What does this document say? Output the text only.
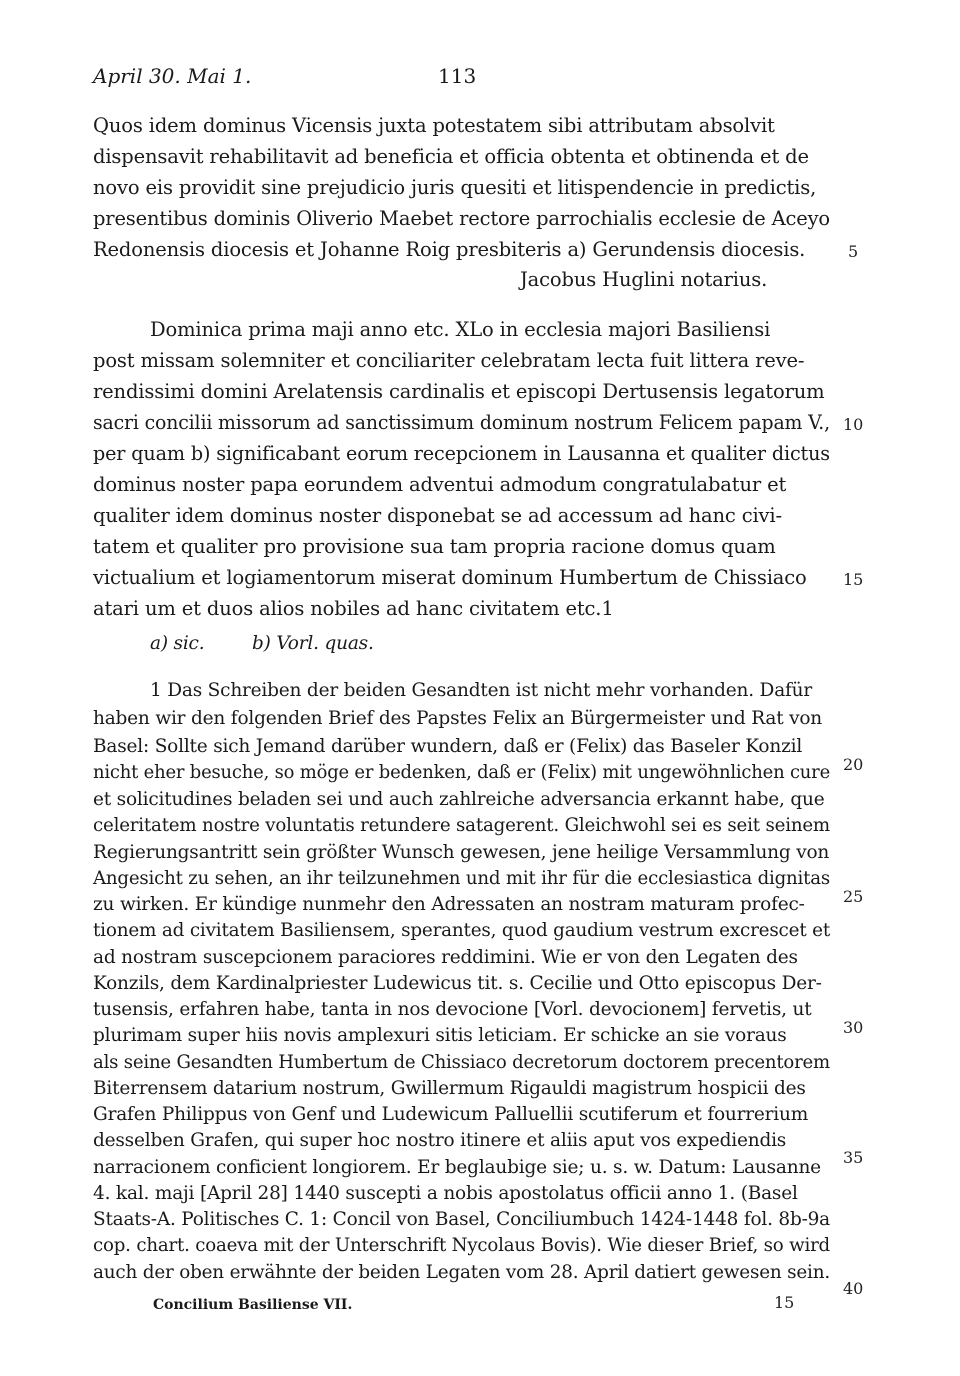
April 30. Mai 1.	113
Quos idem dominus Vicensis juxta potestatem sibi attributam absolvit
dispensavit rehabilitavit ad beneficia et officia obtenta et obtinenda et de
novo eis providit sine prejudicio juris quesiti et litispendencie in predictis,
presentibus dominis Oliverio Maebet rectore parrochialis ecclesie de Aceyo
Redonensis diocesis et Johanne Roig presbiteris a) Gerundensis diocesis.
Jacobus Huglini notarius.
Dominica prima maji anno etc. XLo in ecclesia majori Basiliensi
post missam solemniter et conciliariter celebratam lecta fuit littera reve-
rendissimi domini Arelatensis cardinalis et episcopi Dertusensis legatorum
sacri concilii missorum ad sanctissimum dominum nostrum Felicem papam V.,
per quam b) significabant eorum recepcionem in Lausanna et qualiter dictus
dominus noster papa eorundem adventui admodum congratulabatur et
qualiter idem dominus noster disponebat se ad accessum ad hanc civi-
tatem et qualiter pro provisione sua tam propria racione domus quam
victualium et logiamentorum miserat dominum Humbertum de Chissiaco
atari um et duos alios nobiles ad hanc civitatem etc.1
5
10
15
20
25
30
35
40
a) sic.	b) Vorl. quas.
1 Das Schreiben der beiden Gesandten ist nicht mehr vorhanden. Dafür
haben wir den folgenden Brief des Papstes Felix an Bürgermeister und Rat von
Basel: Sollte sich Jemand darüber wundern, daß er (Felix) das Baseler Konzil
nicht eher besuche, so möge er bedenken, daß er (Felix) mit ungewöhnlichen cure
et solicitudines beladen sei und auch zahlreiche adversancia erkannt habe, que
celeritatem nostre voluntatis retundere satagerent. Gleichwohl sei es seit seinem
Regierungsantritt sein größter Wunsch gewesen, jene heilige Versammlung von
Angesicht zu sehen, an ihr teilzunehmen und mit ihr für die ecclesiastica dignitas
zu wirken. Er kündige nunmehr den Adressaten an nostram maturam profec-
tionem ad civitatem Basiliensem, sperantes, quod gaudium vestrum excrescet et
ad nostram suscepcionem paraciores reddimini. Wie er von den Legaten des
Konzils, dem Kardinalpriester Ludewicus tit. s. Cecilie und Otto episcopus Der-
tusensis, erfahren habe, tanta in nos devocione [Vorl. devocionem] fervetis, ut
plurimam super hiis novis amplexuri sitis leticiam. Er schicke an sie voraus
als seine Gesandten Humbertum de Chissiaco decretorum doctorem precentorem
Biterrensem datarium nostrum, Gwillermum Rigauldi magistrum hospicii des
Grafen Philippus von Genf und Ludewicum Palluellii scutiferum et fourrerium
desselben Grafen, qui super hoc nostro itinere et aliis aput vos expediendis
narracionem conficient longiorem. Er beglaubige sie; u. s. w. Datum: Lausanne
4. kal. maji [April 28] 1440 suscepti a nobis apostolatus officii anno 1. (Basel
Staats-A. Politisches C. 1: Concil von Basel, Conciliumbuch 1424-1448 fol. 8b-9a
cop. chart. coaeva mit der Unterschrift Nycolaus Bovis). Wie dieser Brief, so wird
auch der oben erwähnte der beiden Legaten vom 28. April datiert gewesen sein.
Concilium Basiliense VII.	15
